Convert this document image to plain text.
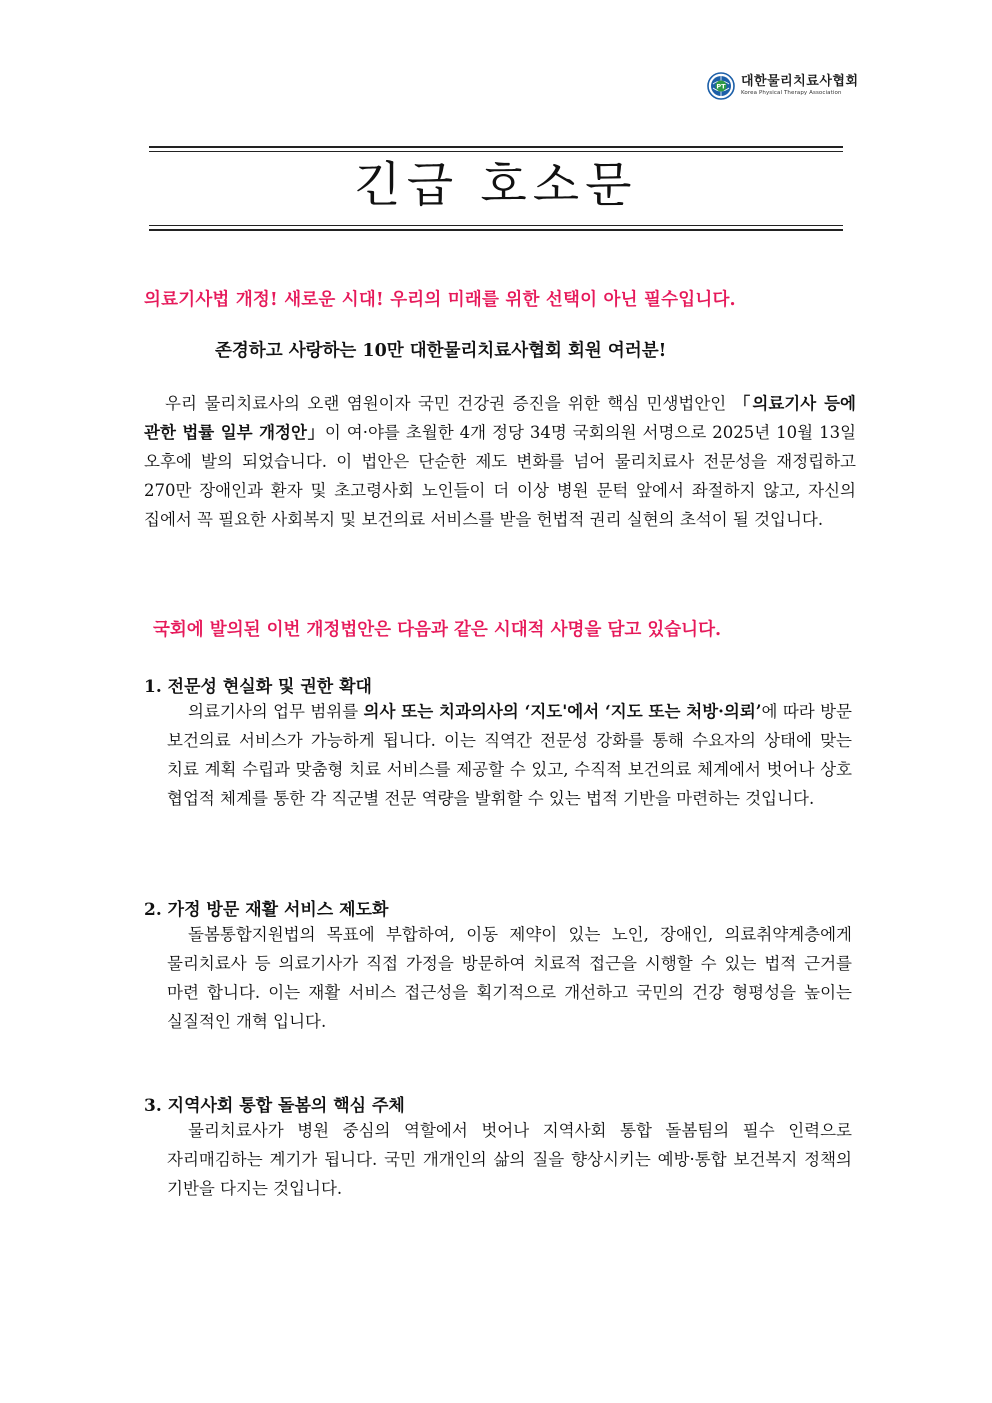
PT 대한물리치료사협회
Korea Physical Therapy Association
긴급 호소문

의료기사법 개정! 새로운 시대! 우리의 미래를 위한 선택이 아닌 필수입니다.

존경하고 사랑하는 10만 대한물리치료사협회 회원 여러분!

우리 물리치료사의 오랜 염원이자 국민 건강권 증진을 위한 핵심 민생법안인 「의료기사 등에 관한 법률 일부 개정안」이 여·야를 초월한 4개 정당 34명 국회의원 서명으로 2025년 10월 13일 오후에 발의 되었습니다. 이 법안은 단순한 제도 변화를 넘어 물리치료사 전문성을 재정립하고 270만 장애인과 환자 및 초고령사회 노인들이 더 이상 병원 문턱 앞에서 좌절하지 않고, 자신의 집에서 꼭 필요한 사회복지 및 보건의료 서비스를 받을 헌법적 권리 실현의 초석이 될 것입니다.

국회에 발의된 이번 개정법안은 다음과 같은 시대적 사명을 담고 있습니다.

1. 전문성 현실화 및 권한 확대

의료기사의 업무 범위를 의사 또는 치과의사의 ‘지도'에서 ‘지도 또는 처방·의뢰’에 따라 방문 보건의료 서비스가 가능하게 됩니다. 이는 직역간 전문성 강화를 통해 수요자의 상태에 맞는 치료 계획 수립과 맞춤형 치료 서비스를 제공할 수 있고, 수직적 보건의료 체계에서 벗어나 상호 협업적 체계를 통한 각 직군별 전문 역량을 발휘할 수 있는 법적 기반을 마련하는 것입니다.

2. 가정 방문 재활 서비스 제도화

돌봄통합지원법의 목표에 부합하여, 이동 제약이 있는 노인, 장애인, 의료취약계층에게 물리치료사 등 의료기사가 직접 가정을 방문하여 치료적 접근을 시행할 수 있는 법적 근거를 마련 합니다. 이는 재활 서비스 접근성을 획기적으로 개선하고 국민의 건강 형평성을 높이는 실질적인 개혁 입니다.

3. 지역사회 통합 돌봄의 핵심 주체

물리치료사가 병원 중심의 역할에서 벗어나 지역사회 통합 돌봄팀의 필수 인력으로 자리매김하는 계기가 됩니다. 국민 개개인의 삶의 질을 향상시키는 예방·통합 보건복지 정책의 기반을 다지는 것입니다.
